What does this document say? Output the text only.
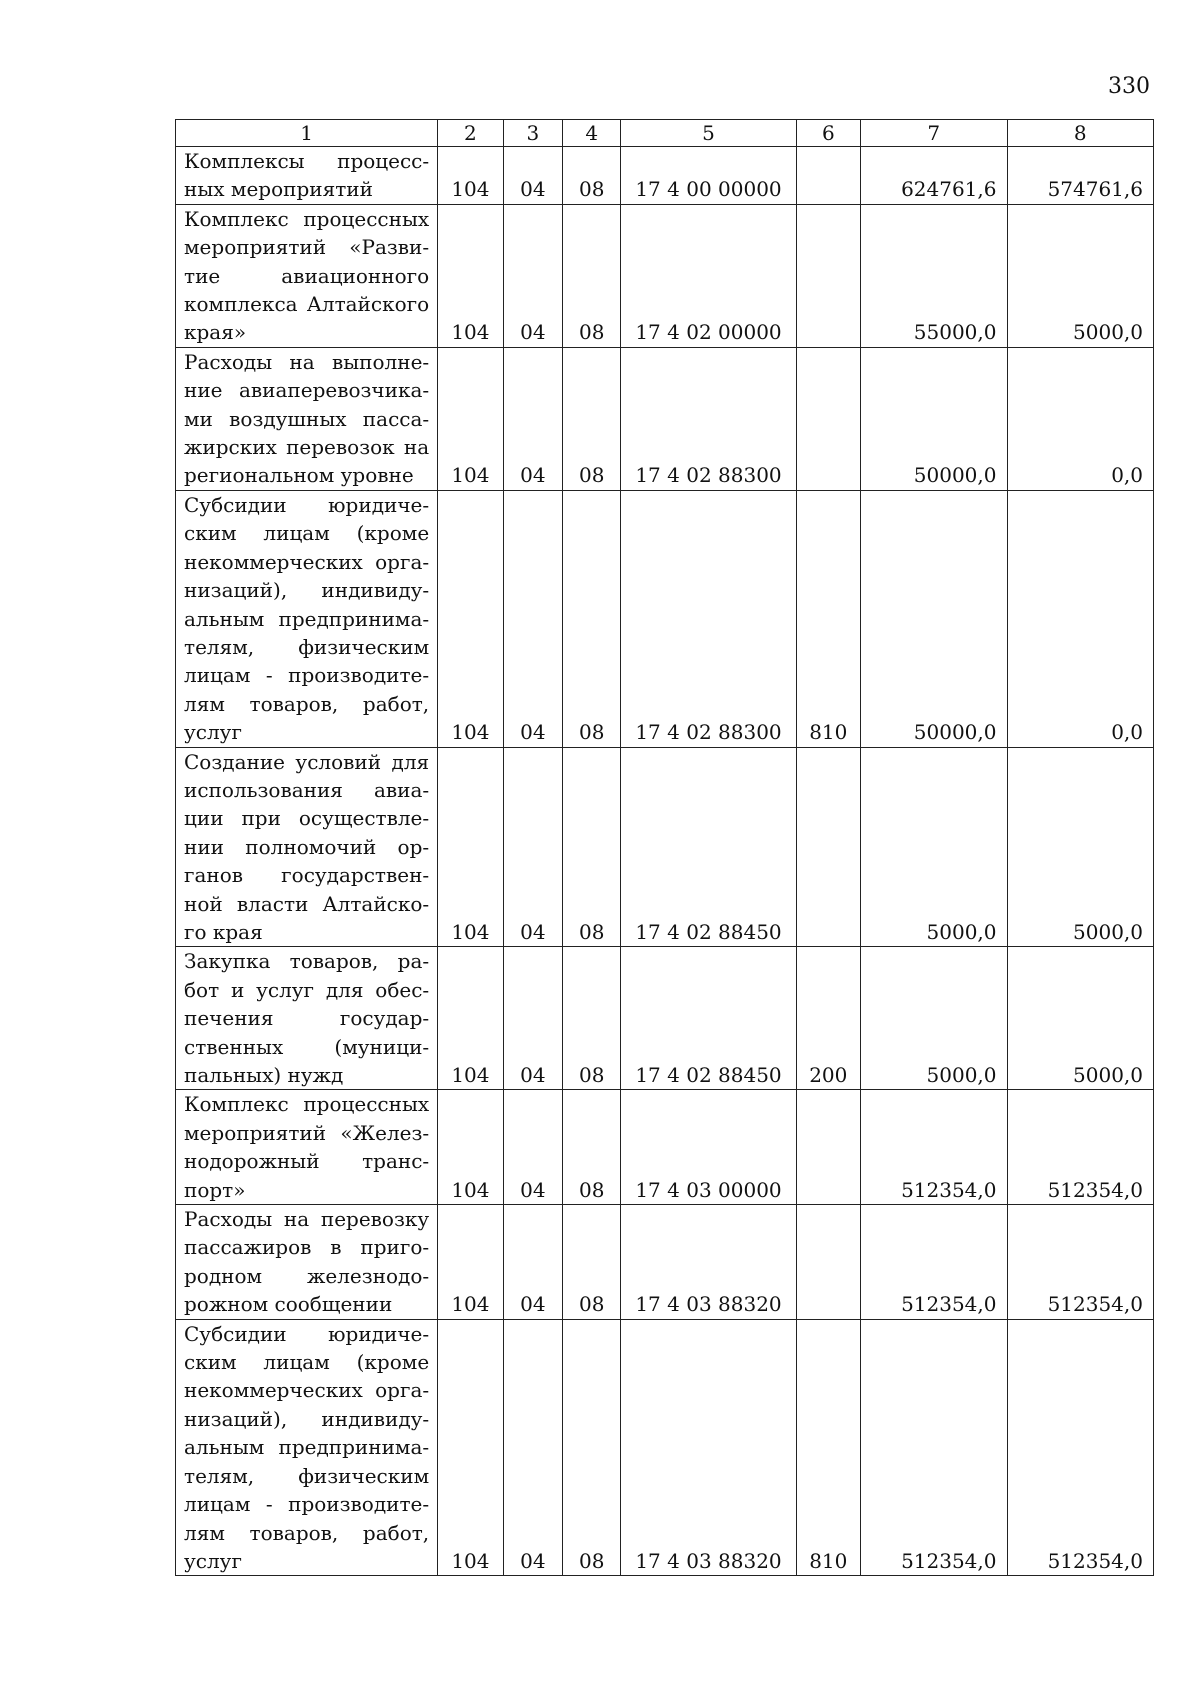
330
1	2	3	4	5	6	7	8
Комплексы процесс- ных мероприятий	104	04	08	17 4 00 00000		624761,6	574761,6
Комплекс процессных мероприятий «Разви- тие авиационного комплекса Алтайского края»	104	04	08	17 4 02 00000		55000,0	5000,0
Расходы на выполне- ние авиаперевозчика- ми воздушных пасса- жирских перевозок на региональном уровне	104	04	08	17 4 02 88300		50000,0	0,0
Субсидии юридиче- ским лицам (кроме некоммерческих орга- низаций), индивиду- альным предпринима- телям, физическим лицам - производите- лям товаров, работ, услуг	104	04	08	17 4 02 88300	810	50000,0	0,0
Создание условий для использования авиа- ции при осуществле- нии полномочий ор- ганов государствен- ной власти Алтайско- го края	104	04	08	17 4 02 88450		5000,0	5000,0
Закупка товаров, ра- бот и услуг для обес- печения государ- ственных (муници- пальных) нужд	104	04	08	17 4 02 88450	200	5000,0	5000,0
Комплекс процессных мероприятий «Желез- нодорожный транс- порт»	104	04	08	17 4 03 00000		512354,0	512354,0
Расходы на перевозку пассажиров в приго- родном железнодо- рожном сообщении	104	04	08	17 4 03 88320		512354,0	512354,0
Субсидии юридиче- ским лицам (кроме некоммерческих орга- низаций), индивиду- альным предпринима- телям, физическим лицам - производите- лям товаров, работ, услуг	104	04	08	17 4 03 88320	810	512354,0	512354,0
